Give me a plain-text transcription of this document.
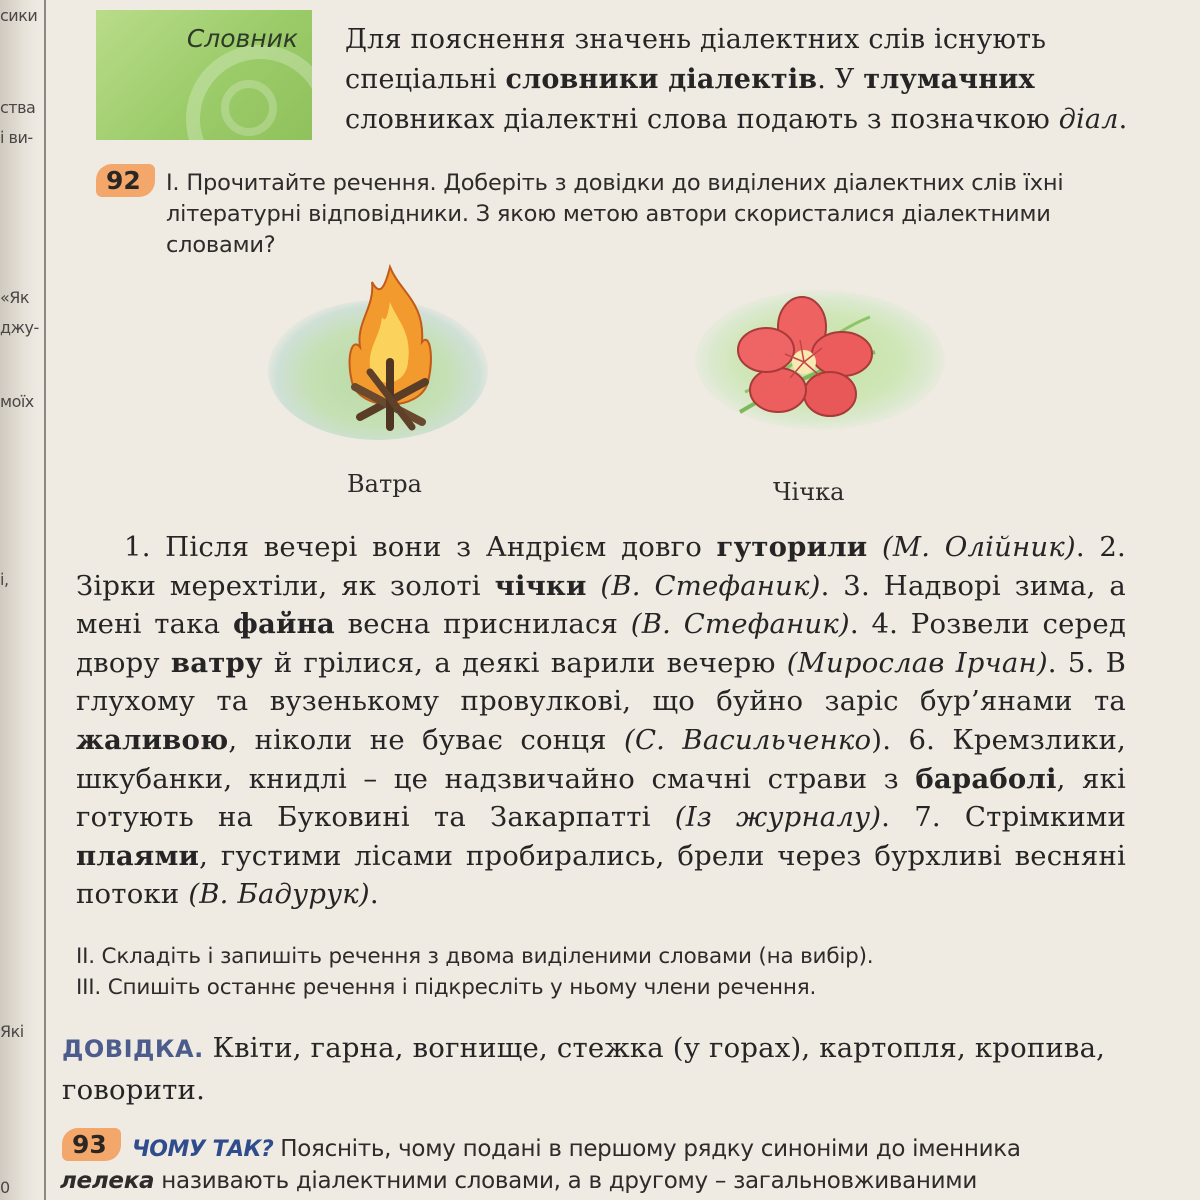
сики
ства
і ви-
«Як
джу-
моїх
і,
Які
0
Словник Для пояснення значень діалектних слів існують спеціальні словники діалектів. У тлумачних словниках діалектні слова подають з позначкою діал.
92	І. Прочитайте речення. Доберіть з довідки до виділених діалектних слів їхні літературні відповідники. З якою метою автори скористалися діалектними словами?
Ватра	Чічка
1. Після вечері вони з Андрієм довго гуторили (М. Олійник). 2. Зірки мерехтіли, як золоті чічки (В. Стефаник). 3. Надворі зима, а мені така файна весна приснилася (В. Стефаник). 4. Розвели серед двору ватру й грілися, а деякі варили вечерю (Мирослав Ірчан). 5. В глухому та вузенькому провулкові, що буйно заріс бур’янами та жаливою, ніколи не буває сонця (С. Васильченко). 6. Кремзлики, шкубанки, книдлі – це надзвичайно смачні страви з бараболі, які готують на Буковині та Закарпатті (Із журналу). 7. Стрімкими плаями, густими лісами пробирались, брели через бурхливі весняні потоки (В. Бадурук).
ІІ. Складіть і запишіть речення з двома виділеними словами (на вибір).
ІІІ. Спишіть останнє речення і підкресліть у ньому члени речення.
ДОВІДКА. Квіти, гарна, вогнище, стежка (у горах), картопля, кропива, говорити.
93	ЧОМУ ТАК? Поясніть, чому подані в першому рядку синоніми до іменника
лелека називають діалектними словами, а в другому – загальновживаними
